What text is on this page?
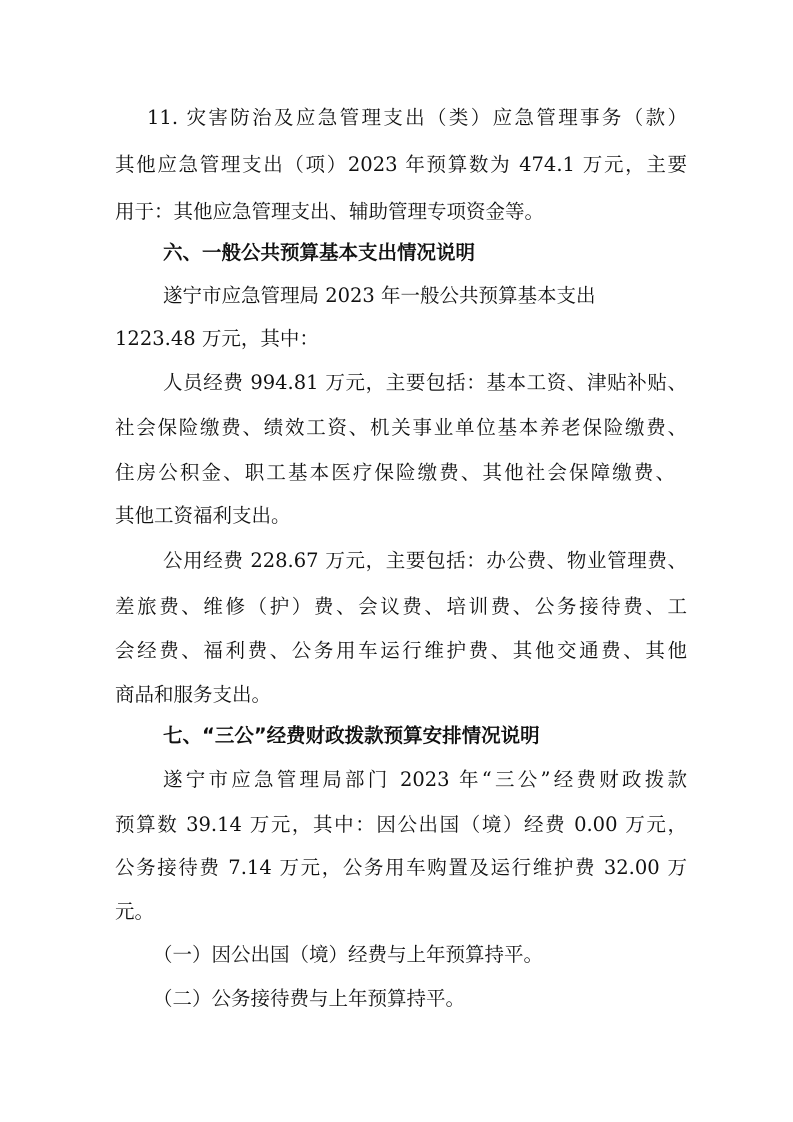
11. 灾害防治及应急管理支出（类）应急管理事务（款）
其他应急管理支出（项）2023 年预算数为 474.1 万元，主要
用于：其他应急管理支出、辅助管理专项资金等。
六、一般公共预算基本支出情况说明
遂宁市应急管理局 2023 年一般公共预算基本支出
1223.48 万元，其中：
人员经费 994.81 万元，主要包括：基本工资、津贴补贴、
社会保险缴费、绩效工资、机关事业单位基本养老保险缴费、
住房公积金、职工基本医疗保险缴费、其他社会保障缴费、
其他工资福利支出。
公用经费 228.67 万元，主要包括：办公费、物业管理费、
差旅费、维修（护）费、会议费、培训费、公务接待费、工
会经费、福利费、公务用车运行维护费、其他交通费、其他
商品和服务支出。
七、“三公”经费财政拨款预算安排情况说明
遂宁市应急管理局部门 2023 年“三公”经费财政拨款
预算数 39.14 万元，其中：因公出国（境）经费 0.00 万元，
公务接待费 7.14 万元，公务用车购置及运行维护费 32.00 万
元。
（一）因公出国（境）经费与上年预算持平。
（二）公务接待费与上年预算持平。
